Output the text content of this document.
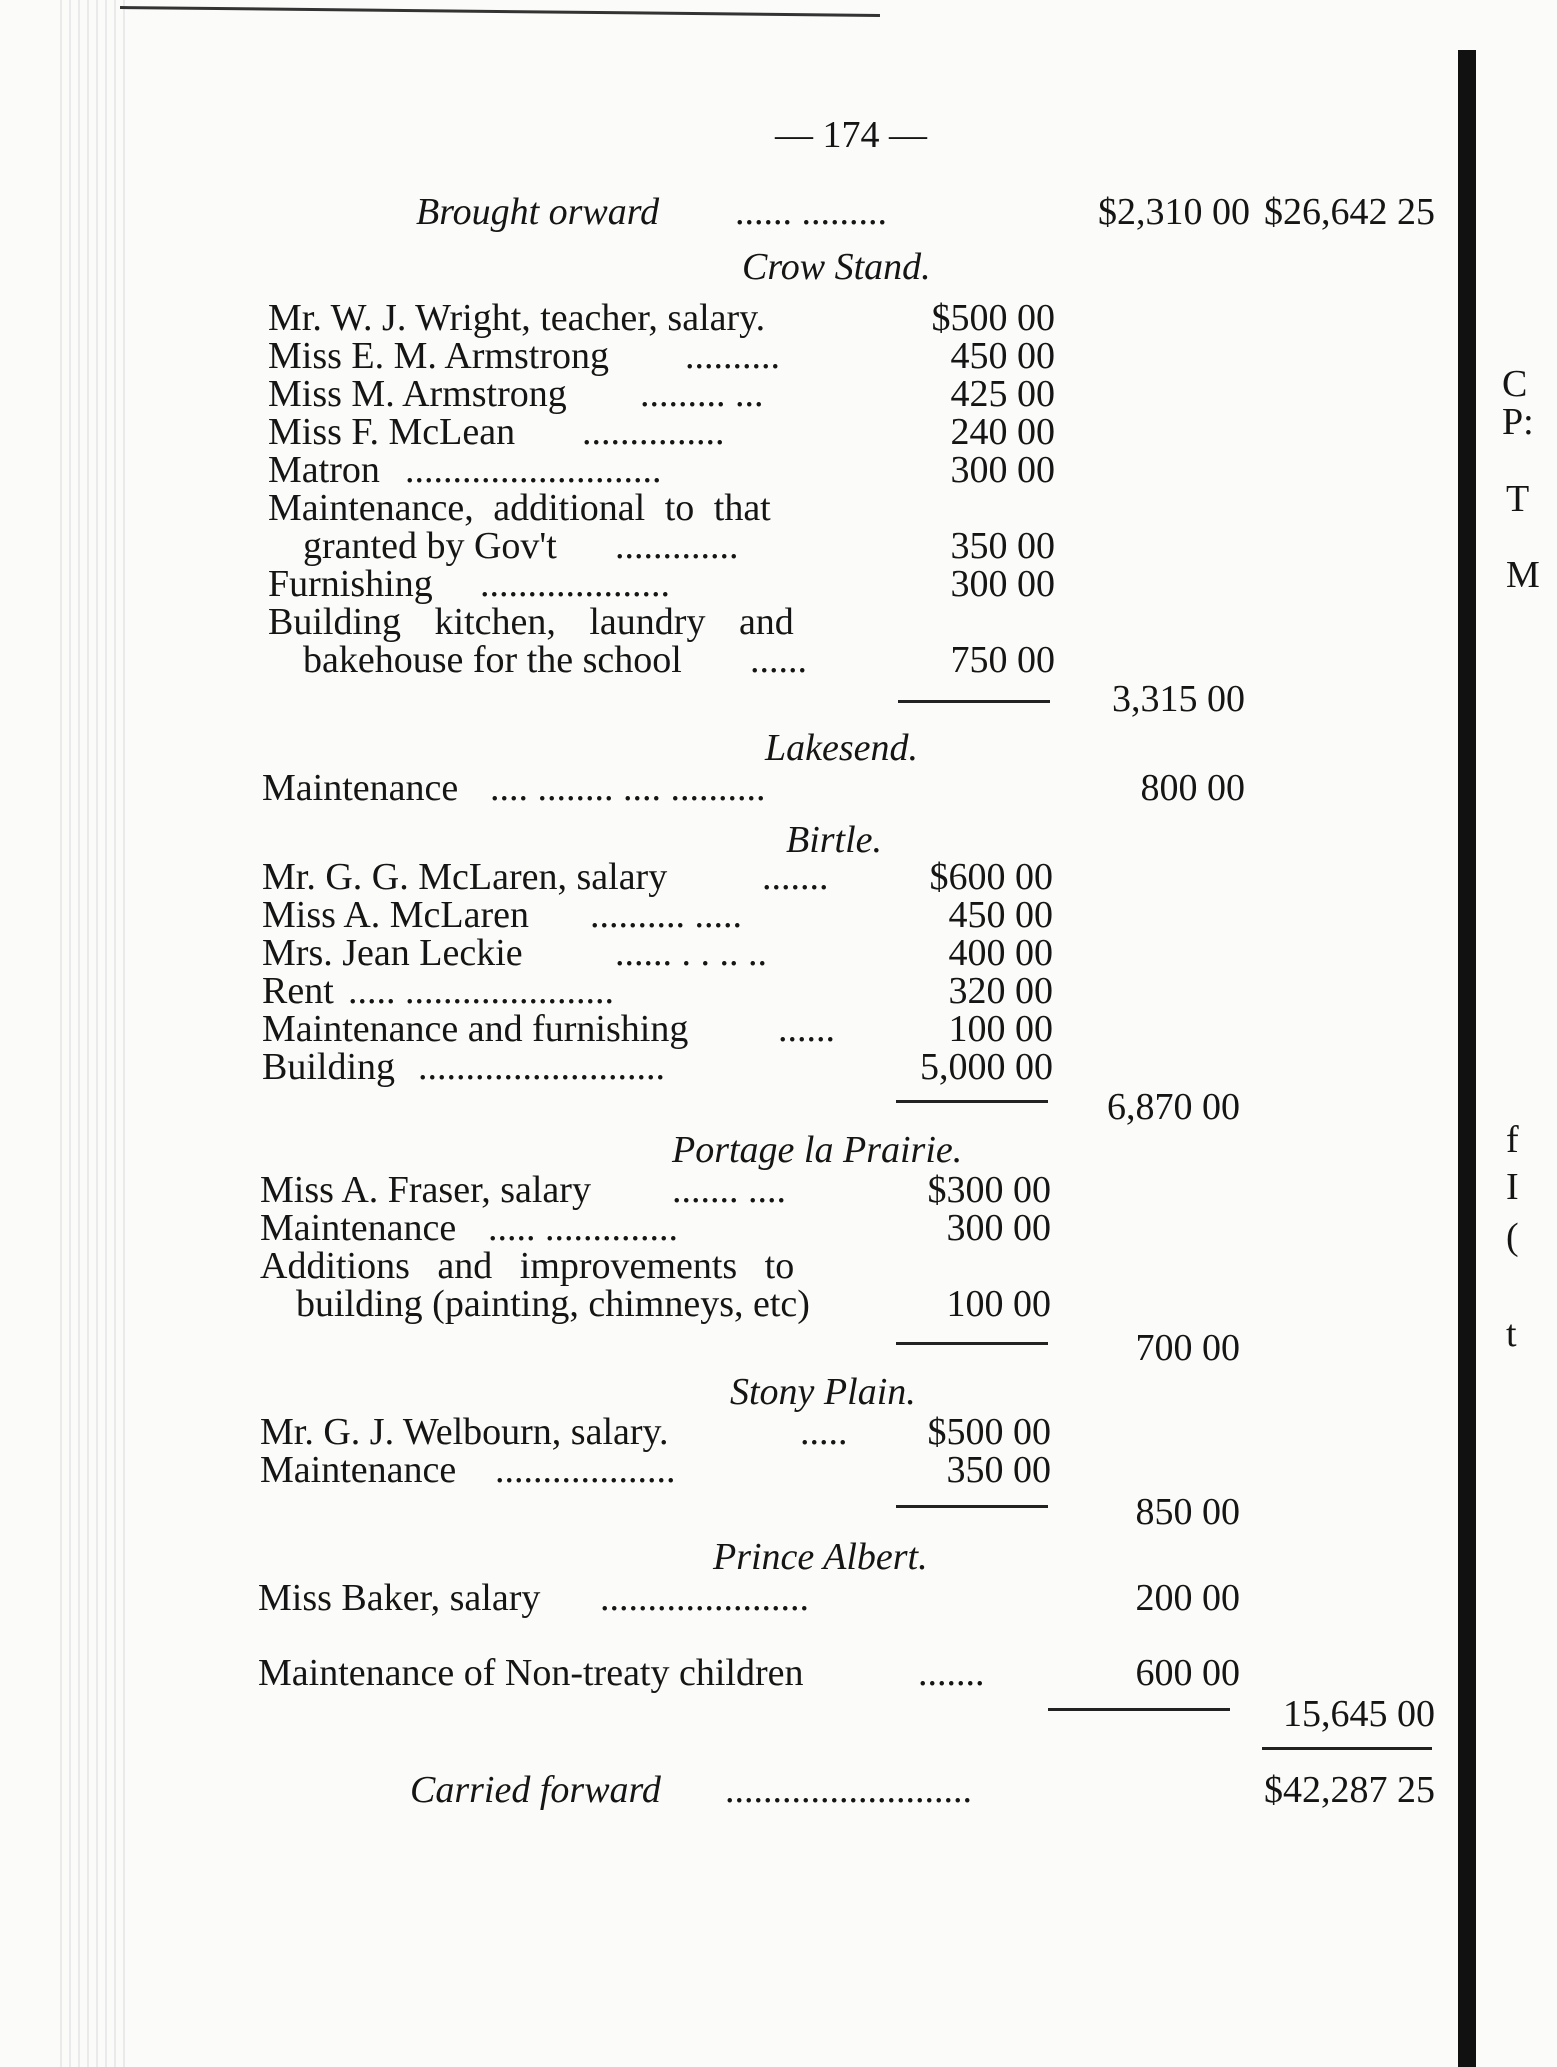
C
P:
T
M
f
I
(
t
— 174 —
Brought orward ...... .........	$2,310 00 $26,642 25
Crow Stand.
Mr. W. J. Wright, teacher, salary.	$500 00
Miss E. M. Armstrong ..........	450 00
Miss M. Armstrong ......... ...	425 00
Miss F. McLean ...............	240 00
Matron ...........................	300 00
Maintenance, additional to that
granted by Gov't .............	350 00
Furnishing ....................	300 00
Building kitchen, laundry and
bakehouse for the school ......	750 00
3,315 00
Lakesend.
Maintenance .... ........ .... ..........	800 00
Birtle.
Mr. G. G. McLaren, salary .......	$600 00
Miss A. McLaren .......... .....	450 00
Mrs. Jean Leckie ...... . . .. ..	400 00
Rent ..... ......................	320 00
Maintenance and furnishing ......	100 00
Building ..........................	5,000 00
6,870 00
Portage la Prairie.
Miss A. Fraser, salary ....... ....	$300 00
Maintenance ..... ..............	300 00
Additions and improvements to
building (painting, chimneys, etc)	100 00
700 00
Stony Plain.
Mr. G. J. Welbourn, salary.	.....	$500 00
Maintenance ...................	350 00
850 00
Prince Albert.
Miss Baker, salary ......................	200 00
Maintenance of Non-treaty children	.......	600 00
15,645 00
Carried forward ..........................	$42,287 25
